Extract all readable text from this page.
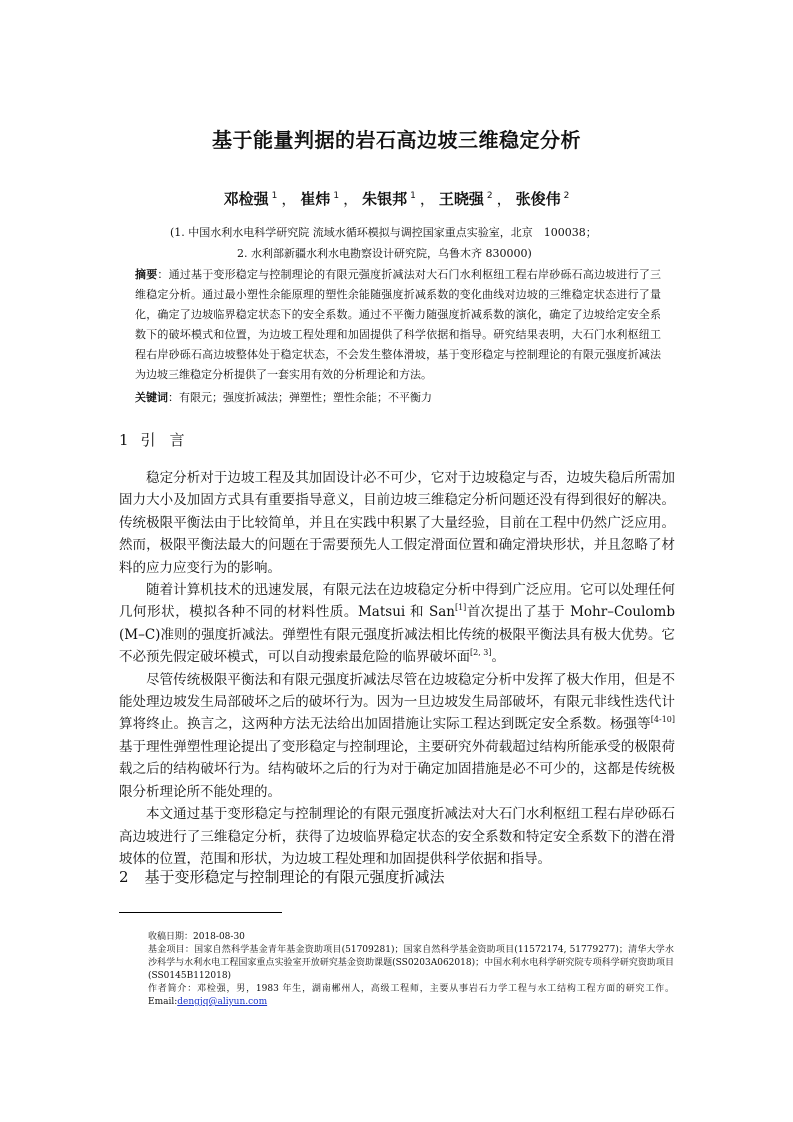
基于能量判据的岩石高边坡三维稳定分析
邓检强 $^1$ ， 崔炜 $^1$ ， 朱银邦 $^1$ ， 王晓强 $^2$ ， 张俊伟 $^2$
(1. 中国水利水电科学研究院 流域水循环模拟与调控国家重点实验室，北京　100038；
2. 水利部新疆水利水电勘察设计研究院，乌鲁木齐 830000)
摘要：通过基于变形稳定与控制理论的有限元强度折减法对大石门水利枢纽工程右岸砂砾石高边坡进行了三维稳定分析。通过最小塑性余能原理的塑性余能随强度折减系数的变化曲线对边坡的三维稳定状态进行了量化，确定了边坡临界稳定状态下的安全系数。通过不平衡力随强度折减系数的演化，确定了边坡给定安全系数下的破坏模式和位置，为边坡工程处理和加固提供了科学依据和指导。研究结果表明，大石门水利枢纽工程右岸砂砾石高边坡整体处于稳定状态，不会发生整体滑坡，基于变形稳定与控制理论的有限元强度折减法为边坡三维稳定分析提供了一套实用有效的分析理论和方法。
关键词：有限元；强度折减法；弹塑性；塑性余能；不平衡力
1 引言

稳定分析对于边坡工程及其加固设计必不可少，它对于边坡稳定与否，边坡失稳后所需加固力大小及加固方式具有重要指导意义，目前边坡三维稳定分析问题还没有得到很好的解决。传统极限平衡法由于比较简单，并且在实践中积累了大量经验，目前在工程中仍然广泛应用。然而，极限平衡法最大的问题在于需要预先人工假定滑面位置和确定滑块形状，并且忽略了材料的应力应变行为的影响。

随着计算机技术的迅速发展，有限元法在边坡稳定分析中得到广泛应用。它可以处理任何几何形状，模拟各种不同的材料性质。Matsui 和 San[1]首次提出了基于 Mohr–Coulomb (M–C)准则的强度折减法。弹塑性有限元强度折减法相比传统的极限平衡法具有极大优势。它不必预先假定破坏模式，可以自动搜索最危险的临界破坏面[2, 3]。

尽管传统极限平衡法和有限元强度折减法尽管在边坡稳定分析中发挥了极大作用，但是不能处理边坡发生局部破坏之后的破坏行为。因为一旦边坡发生局部破坏，有限元非线性迭代计算将终止。换言之，这两种方法无法给出加固措施让实际工程达到既定安全系数。杨强等[4-10]基于理性弹塑性理论提出了变形稳定与控制理论，主要研究外荷载超过结构所能承受的极限荷载之后的结构破坏行为。结构破坏之后的行为对于确定加固措施是必不可少的，这都是传统极限分析理论所不能处理的。

本文通过基于变形稳定与控制理论的有限元强度折减法对大石门水利枢纽工程右岸砂砾石高边坡进行了三维稳定分析，获得了边坡临界稳定状态的安全系数和特定安全系数下的潜在滑坡体的位置，范围和形状，为边坡工程处理和加固提供科学依据和指导。

2 基于变形稳定与控制理论的有限元强度折减法
收稿日期：2018-08-30
基金项目：国家自然科学基金青年基金资助项目(51709281)；国家自然科学基金资助项目(11572174, 51779277)；清华大学水沙科学与水利水电工程国家重点实验室开放研究基金资助课题(SS0203A062018)；中国水利水电科学研究院专项科学研究资助项目(SS0145B112018)
作者简介：邓检强，男，1983 年生，湖南郴州人，高级工程师，主要从事岩石力学工程与水工结构工程方面的研究工作。Email:dengjq@aliyun.com
